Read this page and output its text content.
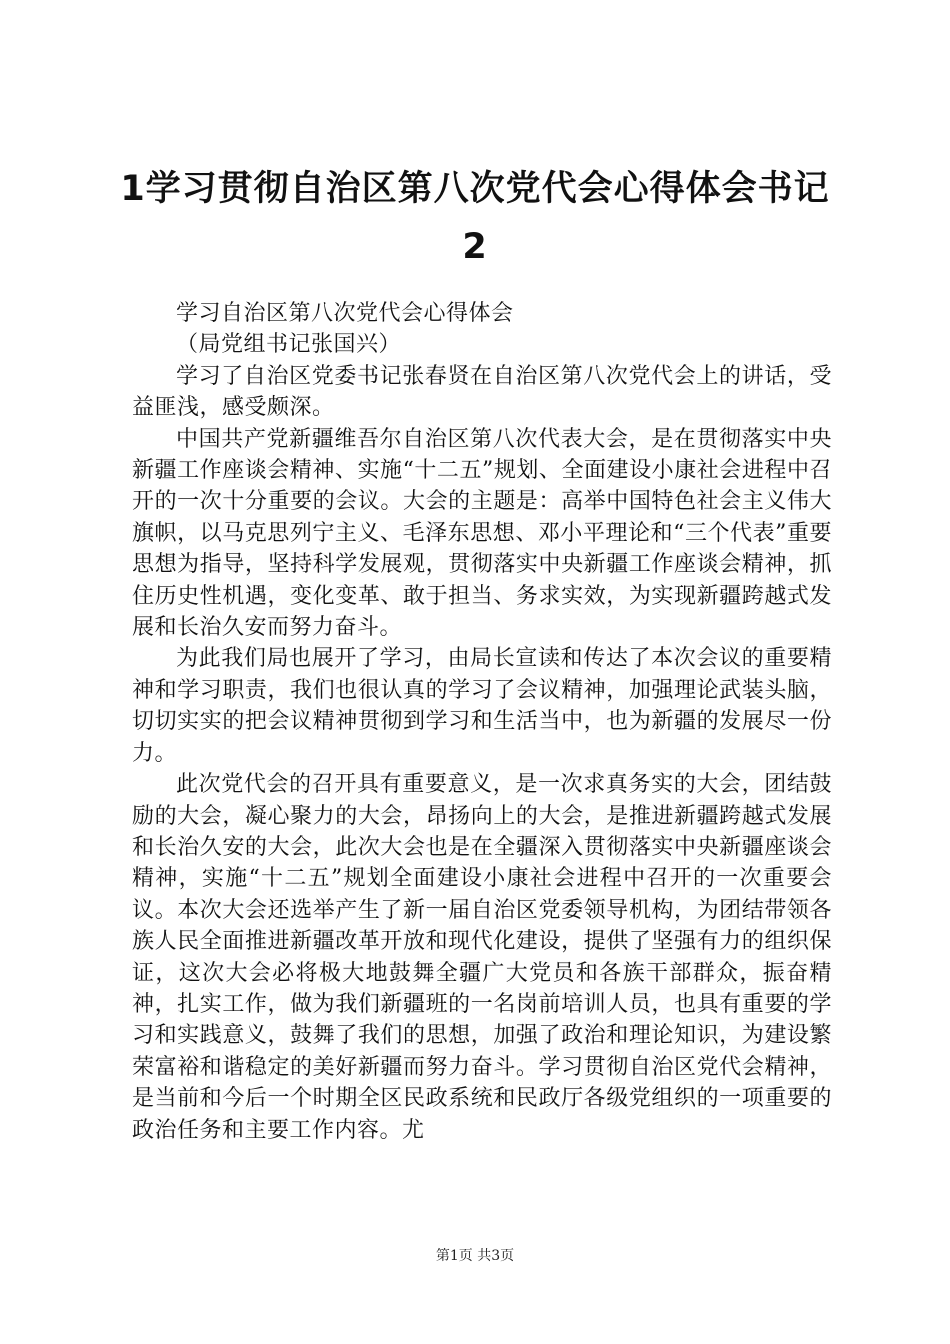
1学习贯彻自治区第八次党代会心得体会书记2

学习自治区第八次党代会心得体会

（局党组书记张国兴）

学习了自治区党委书记张春贤在自治区第八次党代会上的讲话，受益匪浅，感受颇深。

中国共产党新疆维吾尔自治区第八次代表大会，是在贯彻落实中央新疆工作座谈会精神、实施“十二五”规划、全面建设小康社会进程中召开的一次十分重要的会议。大会的主题是：高举中国特色社会主义伟大旗帜，以马克思列宁主义、毛泽东思想、邓小平理论和“三个代表”重要思想为指导，坚持科学发展观，贯彻落实中央新疆工作座谈会精神，抓住历史性机遇，变化变革、敢于担当、务求实效，为实现新疆跨越式发展和长治久安而努力奋斗。

为此我们局也展开了学习，由局长宣读和传达了本次会议的重要精神和学习职责，我们也很认真的学习了会议精神，加强理论武装头脑，切切实实的把会议精神贯彻到学习和生活当中，也为新疆的发展尽一份力。

此次党代会的召开具有重要意义，是一次求真务实的大会，团结鼓励的大会，凝心聚力的大会，昂扬向上的大会，是推进新疆跨越式发展和长治久安的大会，此次大会也是在全疆深入贯彻落实中央新疆座谈会精神，实施“十二五”规划全面建设小康社会进程中召开的一次重要会议。本次大会还选举产生了新一届自治区党委领导机构，为团结带领各族人民全面推进新疆改革开放和现代化建设，提供了坚强有力的组织保证，这次大会必将极大地鼓舞全疆广大党员和各族干部群众，振奋精神，扎实工作，做为我们新疆班的一名岗前培训人员，也具有重要的学习和实践意义，鼓舞了我们的思想，加强了政治和理论知识，为建设繁荣富裕和谐稳定的美好新疆而努力奋斗。学习贯彻自治区党代会精神，是当前和今后一个时期全区民政系统和民政厅各级党组织的一项重要的政治任务和主要工作内容。尤

第1页 共3页
